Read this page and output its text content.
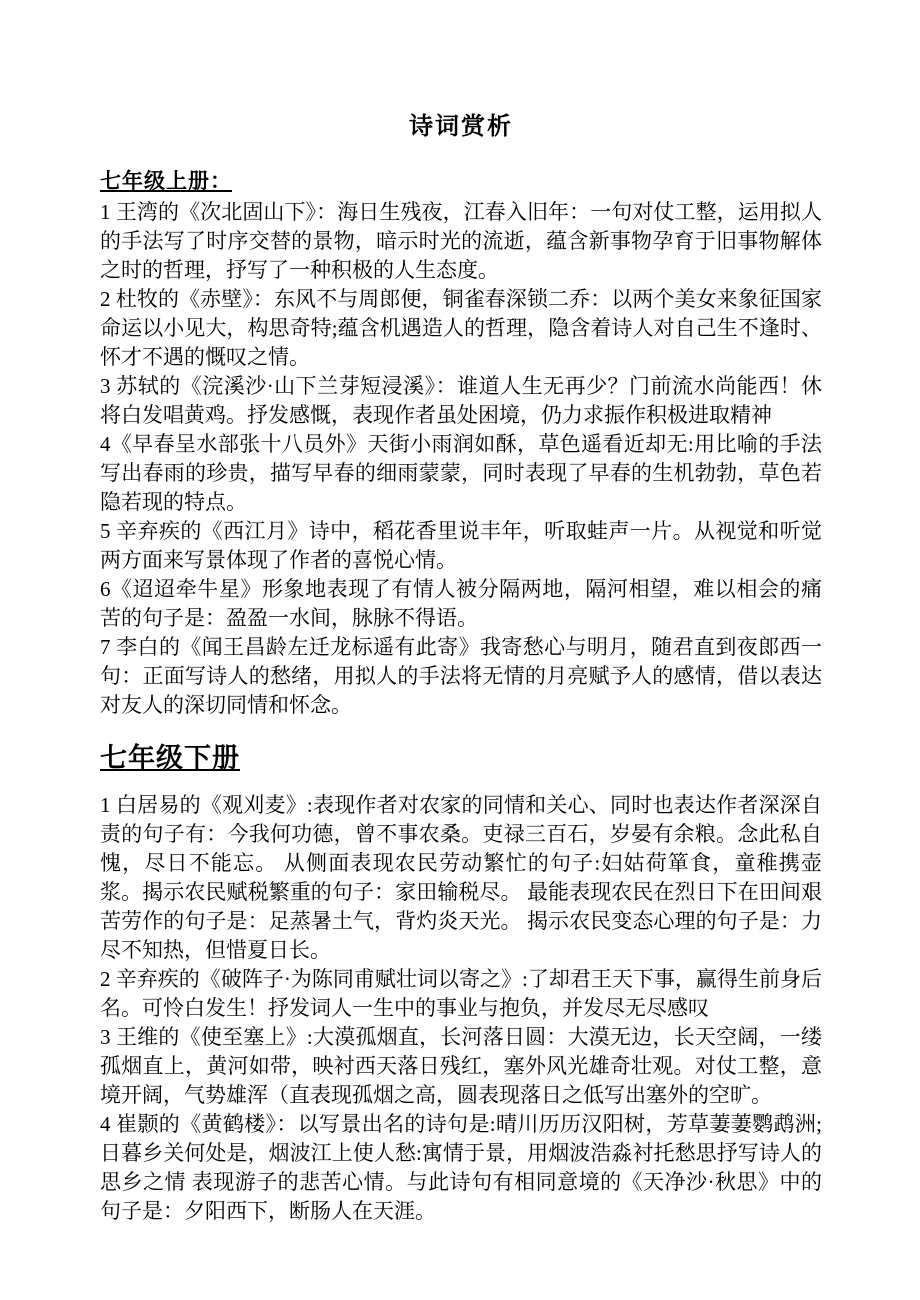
诗词赏析
七年级上册：

1 王湾的《次北固山下》：海日生残夜，江春入旧年：一句对仗工整，运用拟人的手法写了时序交替的景物，暗示时光的流逝，蕴含新事物孕育于旧事物解体之时的哲理，抒写了一种积极的人生态度。

2 杜牧的《赤壁》：东风不与周郎便，铜雀春深锁二乔：以两个美女来象征国家命运以小见大，构思奇特;蕴含机遇造人的哲理，隐含着诗人对自己生不逢时、怀才不遇的慨叹之情。

3 苏轼的《浣溪沙·山下兰芽短浸溪》：谁道人生无再少？门前流水尚能西！休将白发唱黄鸡。抒发感慨，表现作者虽处困境，仍力求振作积极进取精神

4《早春呈水部张十八员外》天街小雨润如酥，草色遥看近却无:用比喻的手法写出春雨的珍贵，描写早春的细雨蒙蒙，同时表现了早春的生机勃勃，草色若隐若现的特点。

5 辛弃疾的《西江月》诗中，稻花香里说丰年，听取蛙声一片。从视觉和听觉两方面来写景体现了作者的喜悦心情。

6《迢迢牵牛星》形象地表现了有情人被分隔两地，隔河相望，难以相会的痛苦的句子是：盈盈一水间，脉脉不得语。

7 李白的《闻王昌龄左迁龙标遥有此寄》我寄愁心与明月，随君直到夜郎西一句：正面写诗人的愁绪，用拟人的手法将无情的月亮赋予人的感情，借以表达对友人的深切同情和怀念。

七年级下册

1 白居易的《观刈麦》:表现作者对农家的同情和关心、同时也表达作者深深自责的句子有：今我何功德，曾不事农桑。吏禄三百石，岁晏有余粮。念此私自愧，尽日不能忘。 从侧面表现农民劳动繁忙的句子:妇姑荷箪食，童稚携壶浆。揭示农民赋税繁重的句子：家田输税尽。 最能表现农民在烈日下在田间艰苦劳作的句子是：足蒸暑土气，背灼炎天光。 揭示农民变态心理的句子是：力尽不知热，但惜夏日长。

2 辛弃疾的《破阵子·为陈同甫赋壮词以寄之》:了却君王天下事，赢得生前身后名。可怜白发生！抒发词人一生中的事业与抱负，并发尽无尽感叹

3 王维的《使至塞上》:大漠孤烟直，长河落日圆：大漠无边，长天空阔，一缕孤烟直上，黄河如带，映衬西天落日残红，塞外风光雄奇壮观。对仗工整，意境开阔，气势雄浑（直表现孤烟之高，圆表现落日之低写出塞外的空旷。

4 崔颢的《黄鹤楼》：以写景出名的诗句是:晴川历历汉阳树，芳草萋萋鹦鹉洲;日暮乡关何处是，烟波江上使人愁:寓情于景，用烟波浩淼衬托愁思抒写诗人的思乡之情 表现游子的悲苦心情。与此诗句有相同意境的《天净沙·秋思》中的句子是：夕阳西下，断肠人在天涯。
